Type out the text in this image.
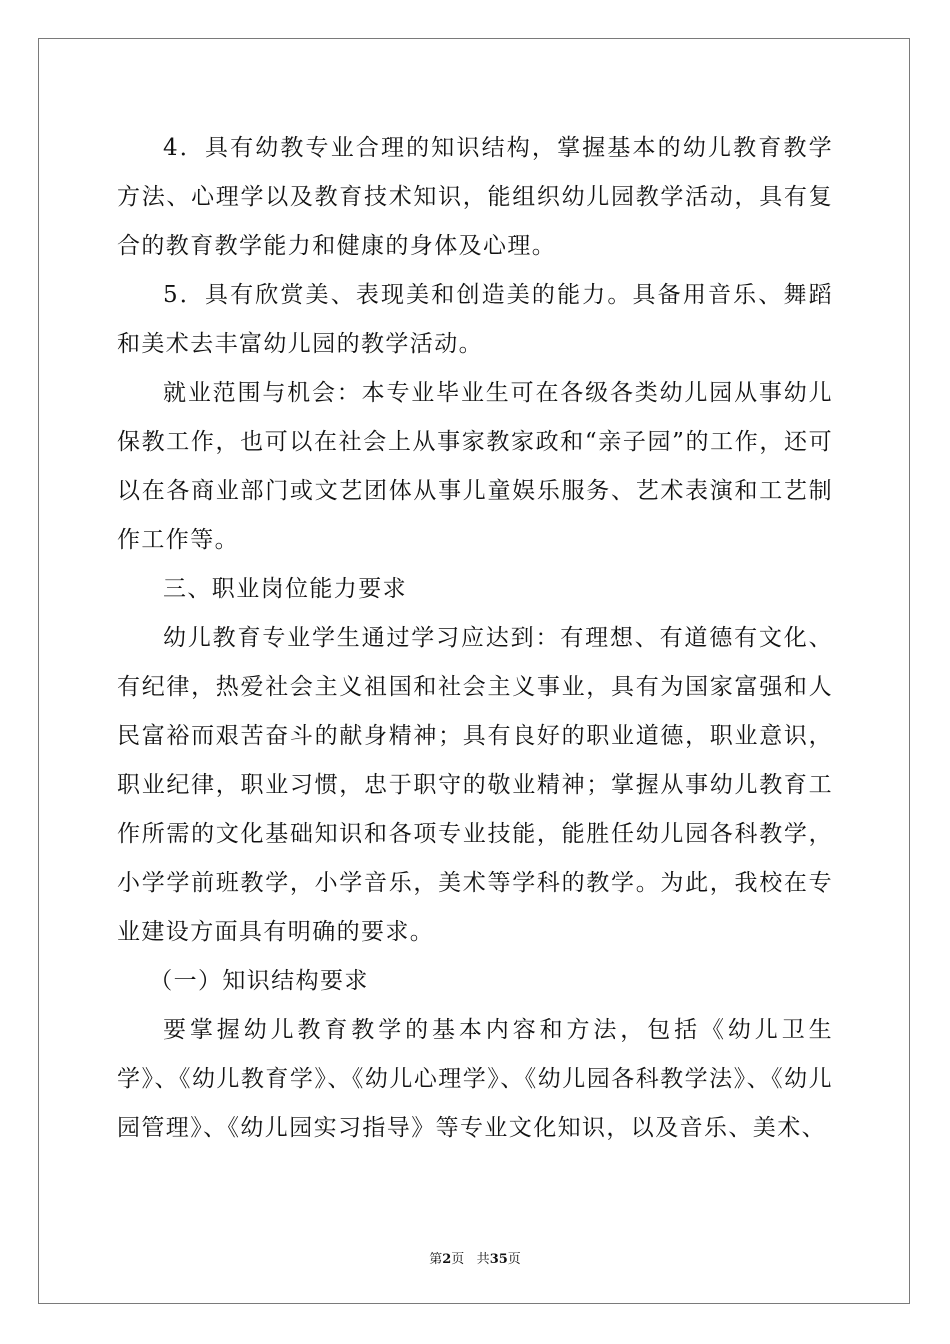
4．具有幼教专业合理的知识结构，掌握基本的幼儿教育教学方法、心理学以及教育技术知识，能组织幼儿园教学活动，具有复合的教育教学能力和健康的身体及心理。

5．具有欣赏美、表现美和创造美的能力。具备用音乐、舞蹈和美术去丰富幼儿园的教学活动。

就业范围与机会：本专业毕业生可在各级各类幼儿园从事幼儿保教工作，也可以在社会上从事家教家政和“亲子园”的工作，还可以在各商业部门或文艺团体从事儿童娱乐服务、艺术表演和工艺制作工作等。

三、职业岗位能力要求

幼儿教育专业学生通过学习应达到：有理想、有道德有文化、有纪律，热爱社会主义祖国和社会主义事业，具有为国家富强和人民富裕而艰苦奋斗的献身精神；具有良好的职业道德，职业意识，职业纪律，职业习惯，忠于职守的敬业精神；掌握从事幼儿教育工作所需的文化基础知识和各项专业技能，能胜任幼儿园各科教学，小学学前班教学，小学音乐，美术等学科的教学。为此，我校在专业建设方面具有明确的要求。

（一）知识结构要求

要掌握幼儿教育教学的基本内容和方法，包括《幼儿卫生学》、《幼儿教育学》、《幼儿心理学》、《幼儿园各科教学法》、《幼儿园管理》、《幼儿园实习指导》等专业文化知识，以及音乐、美术、

第2页 共35页
